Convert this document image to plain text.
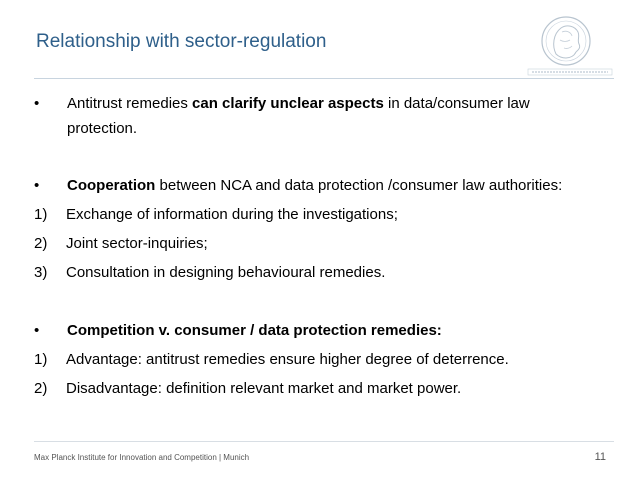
Relationship with sector-regulation
•	Antitrust remedies can clarify unclear aspects in data/consumer law
protection.
•	Cooperation between NCA and data protection /consumer law authorities:
1)	Exchange of information during the investigations;
2)	Joint sector-inquiries;
3)	Consultation in designing behavioural remedies.
•	Competition v. consumer / data protection remedies:
1)	Advantage: antitrust remedies ensure higher degree of deterrence.
2)	Disadvantage: definition relevant market and market power.
Max Planck Institute for Innovation and Competition | Munich	11
